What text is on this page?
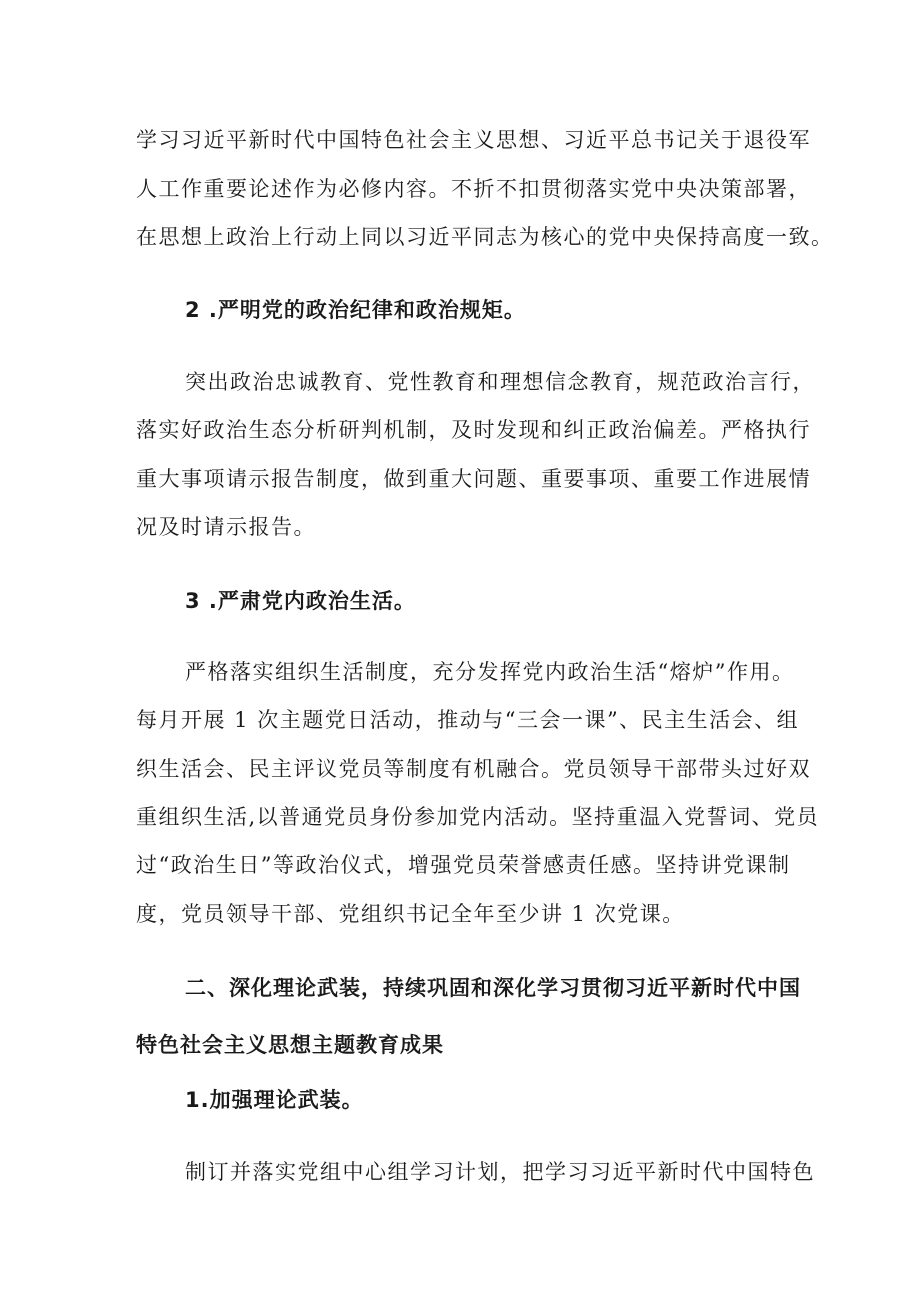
学习习近平新时代中国特色社会主义思想、习近平总书记关于退役军
人工作重要论述作为必修内容。不折不扣贯彻落实党中央决策部署，
在思想上政治上行动上同以习近平同志为核心的党中央保持高度一致。
2 .严明党的政治纪律和政治规矩。
突出政治忠诚教育、党性教育和理想信念教育，规范政治言行，
落实好政治生态分析研判机制，及时发现和纠正政治偏差。严格执行
重大事项请示报告制度，做到重大问题、重要事项、重要工作进展情
况及时请示报告。
3 .严肃党内政治生活。
严格落实组织生活制度，充分发挥党内政治生活“熔炉”作用。
每月开展 1 次主题党日活动，推动与“三会一课”、民主生活会、组
织生活会、民主评议党员等制度有机融合。党员领导干部带头过好双
重组织生活,以普通党员身份参加党内活动。坚持重温入党誓词、党员
过“政治生日”等政治仪式，增强党员荣誉感责任感。坚持讲党课制
度，党员领导干部、党组织书记全年至少讲 1 次党课。
二、深化理论武装，持续巩固和深化学习贯彻习近平新时代中国
特色社会主义思想主题教育成果
1.加强理论武装。
制订并落实党组中心组学习计划，把学习习近平新时代中国特色
